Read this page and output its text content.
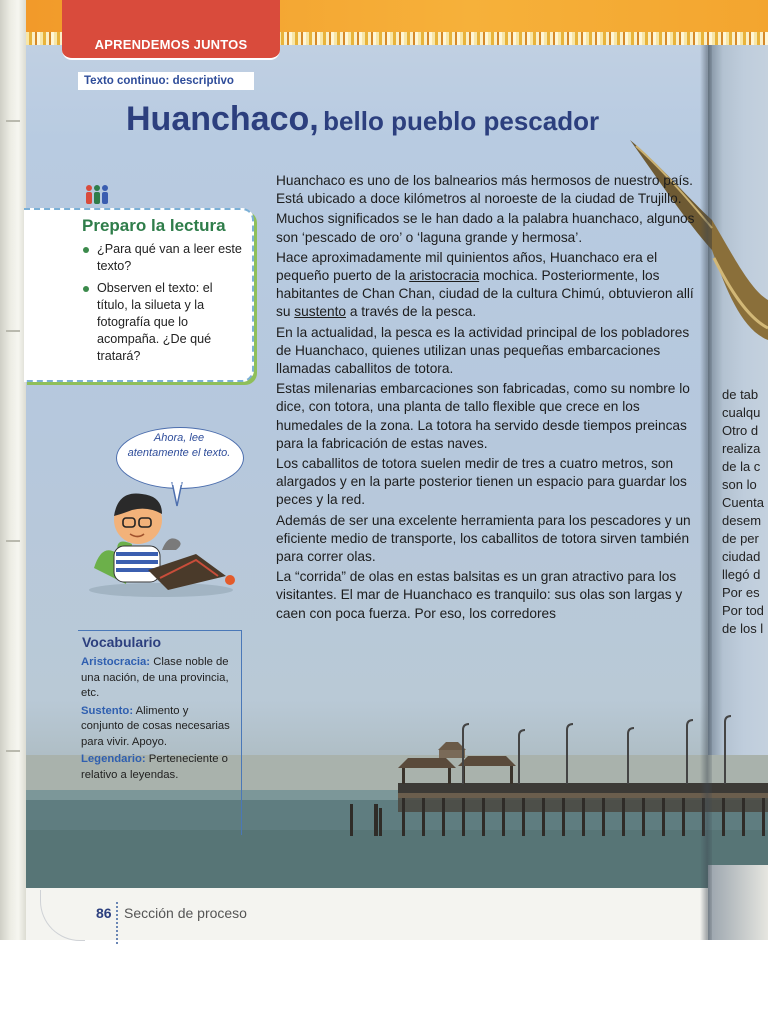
APRENDEMOS JUNTOS
Texto continuo: descriptivo
Huanchaco, bello pueblo pescador
Preparo la lectura
¿Para qué van a leer este texto?
Observen el texto: el título, la silueta y la fotografía que lo acompaña. ¿De qué tratará?

Huanchaco es uno de los balnearios más hermosos de nuestro país. Está ubicado a doce kilómetros al noroeste de la ciudad de Trujillo.

Muchos significados se le han dado a la palabra huanchaco, algunos son ‘pescado de oro’ o ‘laguna grande y hermosa’.

Hace aproximadamente mil quinientos años, Huanchaco era el pequeño puerto de la aristocracia mochica. Posteriormente, los habitantes de Chan Chan, ciudad de la cultura Chimú, obtuvieron allí su sustento a través de la pesca.

En la actualidad, la pesca es la actividad principal de los pobladores de Huanchaco, quienes utilizan unas pequeñas embarcaciones llamadas caballitos de totora.

Estas milenarias embarcaciones son fabricadas, como su nombre lo dice, con totora, una planta de tallo flexible que crece en los humedales de la zona. La totora ha servido desde tiempos preincas para la fabricación de estas naves.

Los caballitos de totora suelen medir de tres a cuatro metros, son alargados y en la parte posterior tienen un espacio para guardar los peces y la red.

Además de ser una excelente herramienta para los pescadores y un eficiente medio de transporte, los caballitos de totora sirven también para correr olas.

La “corrida” de olas en estas balsitas es un gran atractivo para los visitantes. El mar de Huanchaco es tranquilo: sus olas son largas y caen con poca fuerza. Por eso, los corredores

Ahora, lee atentamente el texto.
Vocabulario
Aristocracia: Clase noble de una nación, de una provincia, etc.
Sustento: Alimento y conjunto de cosas necesarias para vivir. Apoyo.
Legendario: Perteneciente o relativo a leyendas.
de tab
cualqu
Otro d
realiza
de la c
son lo
Cuenta
desem
de per
ciudad
llegó d
Por es
Por tod
de los l
86 Sección de proceso
